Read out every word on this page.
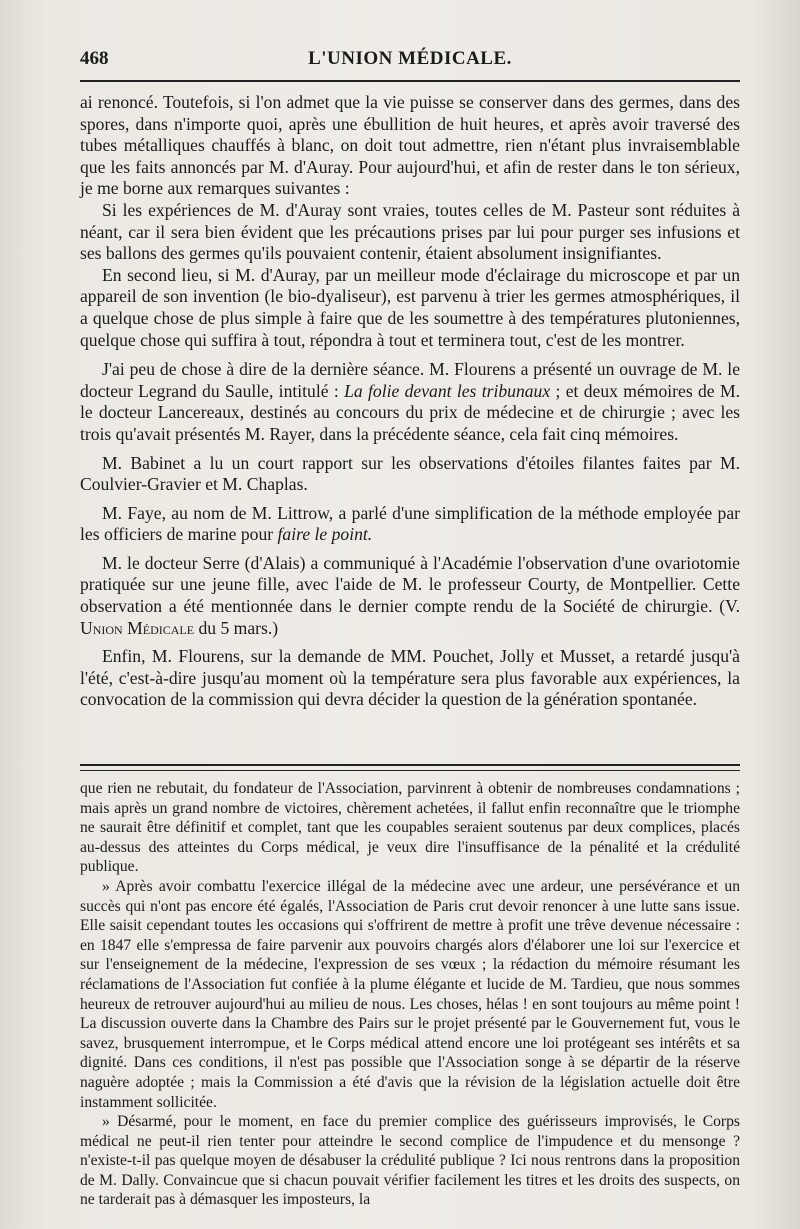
468	L'UNION MÉDICALE.

ai renoncé. Toutefois, si l'on admet que la vie puisse se conserver dans des germes, dans des spores, dans n'importe quoi, après une ébullition de huit heures, et après avoir traversé des tubes métalliques chauffés à blanc, on doit tout admettre, rien n'étant plus invraisemblable que les faits annoncés par M. d'Auray. Pour aujourd'hui, et afin de rester dans le ton sérieux, je me borne aux remarques suivantes :

Si les expériences de M. d'Auray sont vraies, toutes celles de M. Pasteur sont réduites à néant, car il sera bien évident que les précautions prises par lui pour purger ses infusions et ses ballons des germes qu'ils pouvaient contenir, étaient absolument insignifiantes.

En second lieu, si M. d'Auray, par un meilleur mode d'éclairage du microscope et par un appareil de son invention (le bio-dyaliseur), est parvenu à trier les germes atmosphériques, il a quelque chose de plus simple à faire que de les soumettre à des températures plutoniennes, quelque chose qui suffira à tout, répondra à tout et terminera tout, c'est de les montrer.

J'ai peu de chose à dire de la dernière séance. M. Flourens a présenté un ouvrage de M. le docteur Legrand du Saulle, intitulé : La folie devant les tribunaux ; et deux mémoires de M. le docteur Lancereaux, destinés au concours du prix de médecine et de chirurgie ; avec les trois qu'avait présentés M. Rayer, dans la précédente séance, cela fait cinq mémoires.

M. Babinet a lu un court rapport sur les observations d'étoiles filantes faites par M. Coulvier-Gravier et M. Chaplas.

M. Faye, au nom de M. Littrow, a parlé d'une simplification de la méthode employée par les officiers de marine pour faire le point.

M. le docteur Serre (d'Alais) a communiqué à l'Académie l'observation d'une ovariotomie pratiquée sur une jeune fille, avec l'aide de M. le professeur Courty, de Montpellier. Cette observation a été mentionnée dans le dernier compte rendu de la Société de chirurgie. (V. Union Médicale du 5 mars.)

Enfin, M. Flourens, sur la demande de MM. Pouchet, Jolly et Musset, a retardé jusqu'à l'été, c'est-à-dire jusqu'au moment où la température sera plus favorable aux expériences, la convocation de la commission qui devra décider la question de la génération spontanée.

que rien ne rebutait, du fondateur de l'Association, parvinrent à obtenir de nombreuses condamnations ; mais après un grand nombre de victoires, chèrement achetées, il fallut enfin reconnaître que le triomphe ne saurait être définitif et complet, tant que les coupables seraient soutenus par deux complices, placés au-dessus des atteintes du Corps médical, je veux dire l'insuffisance de la pénalité et la crédulité publique.

» Après avoir combattu l'exercice illégal de la médecine avec une ardeur, une persévérance et un succès qui n'ont pas encore été égalés, l'Association de Paris crut devoir renoncer à une lutte sans issue. Elle saisit cependant toutes les occasions qui s'offrirent de mettre à profit une trêve devenue nécessaire : en 1847 elle s'empressa de faire parvenir aux pouvoirs chargés alors d'élaborer une loi sur l'exercice et sur l'enseignement de la médecine, l'expression de ses vœux ; la rédaction du mémoire résumant les réclamations de l'Association fut confiée à la plume élégante et lucide de M. Tardieu, que nous sommes heureux de retrouver aujourd'hui au milieu de nous. Les choses, hélas ! en sont toujours au même point ! La discussion ouverte dans la Chambre des Pairs sur le projet présenté par le Gouvernement fut, vous le savez, brusquement interrompue, et le Corps médical attend encore une loi protégeant ses intérêts et sa dignité. Dans ces conditions, il n'est pas possible que l'Association songe à se départir de la réserve naguère adoptée ; mais la Commission a été d'avis que la révision de la législation actuelle doit être instamment sollicitée.

» Désarmé, pour le moment, en face du premier complice des guérisseurs improvisés, le Corps médical ne peut-il rien tenter pour atteindre le second complice de l'impudence et du mensonge ? n'existe-t-il pas quelque moyen de désabuser la crédulité publique ? Ici nous rentrons dans la proposition de M. Dally. Convaincue que si chacun pouvait vérifier facilement les titres et les droits des suspects, on ne tarderait pas à démasquer les imposteurs, la
